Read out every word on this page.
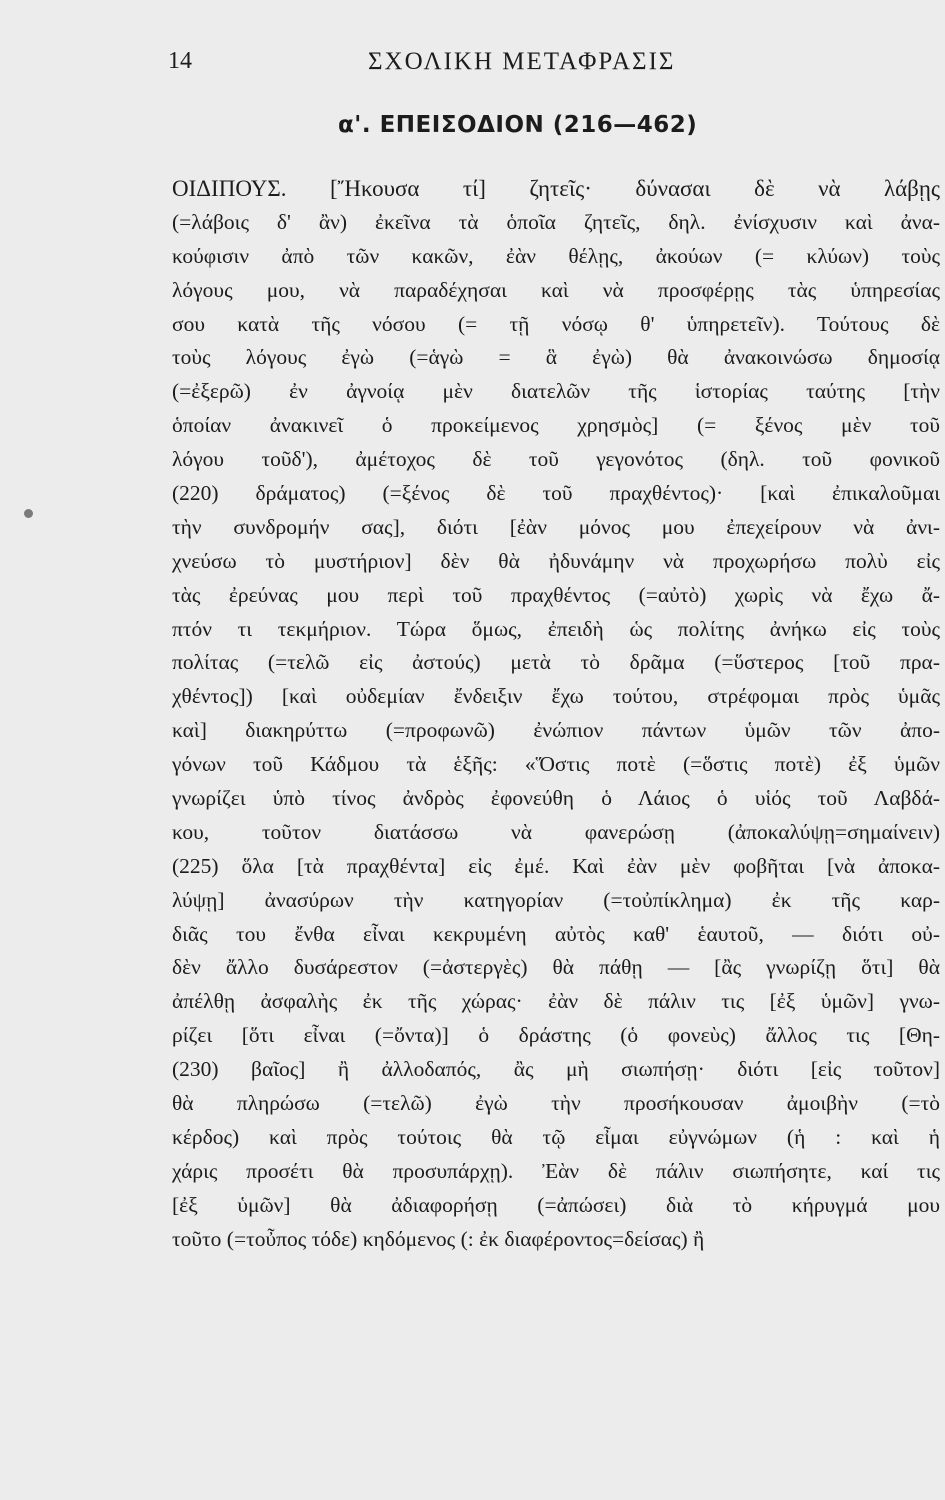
14	ΣΧΟΛΙΚΗ ΜΕΤΑΦΡΑΣΙΣ
α'. ΕΠΕΙΣΟΔΙΟΝ (216—462)
ΟΙΔΙΠΟΥΣ. [Ἤκουσα τί] ζητεῖς· δύνασαι δὲ νὰ λάβῃς
(=λάβοις δ' ἂν) ἐκεῖνα τὰ ὁποῖα ζητεῖς, δηλ. ἐνίσχυσιν καὶ ἀνα-
κούφισιν ἀπὸ τῶν κακῶν, ἐὰν θέλῃς, ἀκούων (= κλύων) τοὺς
λόγους μου, νὰ παραδέχησαι καὶ νὰ προσφέρῃς τὰς ὑπηρεσίας
σου κατὰ τῆς νόσου (= τῇ νόσῳ θ' ὑπηρετεῖν). Τούτους δὲ
τοὺς λόγους ἐγὼ (=ἁγὼ = ἃ ἐγὼ) θὰ ἀνακοινώσω δημοσίᾳ
(=ἐξερῶ) ἐν ἀγνοίᾳ μὲν διατελῶν τῆς ἱστορίας ταύτης [τὴν
ὁποίαν ἀνακινεῖ ὁ προκείμενος χρησμὸς] (= ξένος μὲν τοῦ
λόγου τοῦδ'), ἀμέτοχος δὲ τοῦ γεγονότος (δηλ. τοῦ φονικοῦ
(220) δράματος) (=ξένος δὲ τοῦ πραχθέντος)· [καὶ ἐπικαλοῦμαι
τὴν συνδρομήν σας], διότι [ἐὰν μόνος μου ἐπεχείρουν νὰ ἀνι-
χνεύσω τὸ μυστήριον] δὲν θὰ ἠδυνάμην νὰ προχωρήσω πολὺ εἰς
τὰς ἐρεύνας μου περὶ τοῦ πραχθέντος (=αὐτὸ) χωρὶς νὰ ἔχω ἄ-
πτόν τι τεκμήριον. Τώρα ὅμως, ἐπειδὴ ὡς πολίτης ἀνήκω εἰς τοὺς
πολίτας (=τελῶ εἰς ἀστούς) μετὰ τὸ δρᾶμα (=ὕστερος [τοῦ πρα-
χθέντος]) [καὶ οὐδεμίαν ἔνδειξιν ἔχω τούτου, στρέφομαι πρὸς ὑμᾶς
καὶ] διακηρύττω (=προφωνῶ) ἐνώπιον πάντων ὑμῶν τῶν ἀπο-
γόνων τοῦ Κάδμου τὰ ἑξῆς: «Ὅστις ποτὲ (=ὅστις ποτὲ) ἐξ ὑμῶν
γνωρίζει ὑπὸ τίνος ἀνδρὸς ἐφονεύθη ὁ Λάιος ὁ υἱός τοῦ Λαβδά-
κου, τοῦτον διατάσσω νὰ φανερώσῃ (ἀποκαλύψῃ=σημαίνειν)
(225) ὅλα [τὰ πραχθέντα] εἰς ἐμέ. Καὶ ἐὰν μὲν φοβῆται [νὰ ἀποκα-
λύψῃ] ἀνασύρων τὴν κατηγορίαν (=τοὐπίκλημα) ἐκ τῆς καρ-
διᾶς του ἔνθα εἶναι κεκρυμένη αὐτὸς καθ' ἑαυτοῦ, — διότι οὐ-
δὲν ἄλλο δυσάρεστον (=ἀστεργὲς) θὰ πάθῃ — [ἂς γνωρίζῃ ὅτι] θὰ
ἀπέλθῃ ἀσφαλὴς ἐκ τῆς χώρας· ἐὰν δὲ πάλιν τις [ἐξ ὑμῶν] γνω-
ρίζει [ὅτι εἶναι (=ὄντα)] ὁ δράστης (ὁ φονεὺς) ἄλλος τις [Θη-
(230) βαῖος] ἢ ἀλλοδαπός, ἂς μὴ σιωπήσῃ· διότι [εἰς τοῦτον]
θὰ πληρώσω (=τελῶ) ἐγὼ τὴν προσήκουσαν ἀμοιβὴν (=τὸ
κέρδος) καὶ πρὸς τούτοις θὰ τῷ εἶμαι εὐγνώμων (ἡ : καὶ ἡ
χάρις προσέτι θὰ προσυπάρχῃ). Ἐὰν δὲ πάλιν σιωπήσητε, καί τις
[ἐξ ὑμῶν] θὰ ἀδιαφορήσῃ (=ἀπώσει) διὰ τὸ κήρυγμά μου
τοῦτο (=τοὖπος τόδε) κηδόμενος (: ἐκ διαφέροντος=δείσας) ἢ
